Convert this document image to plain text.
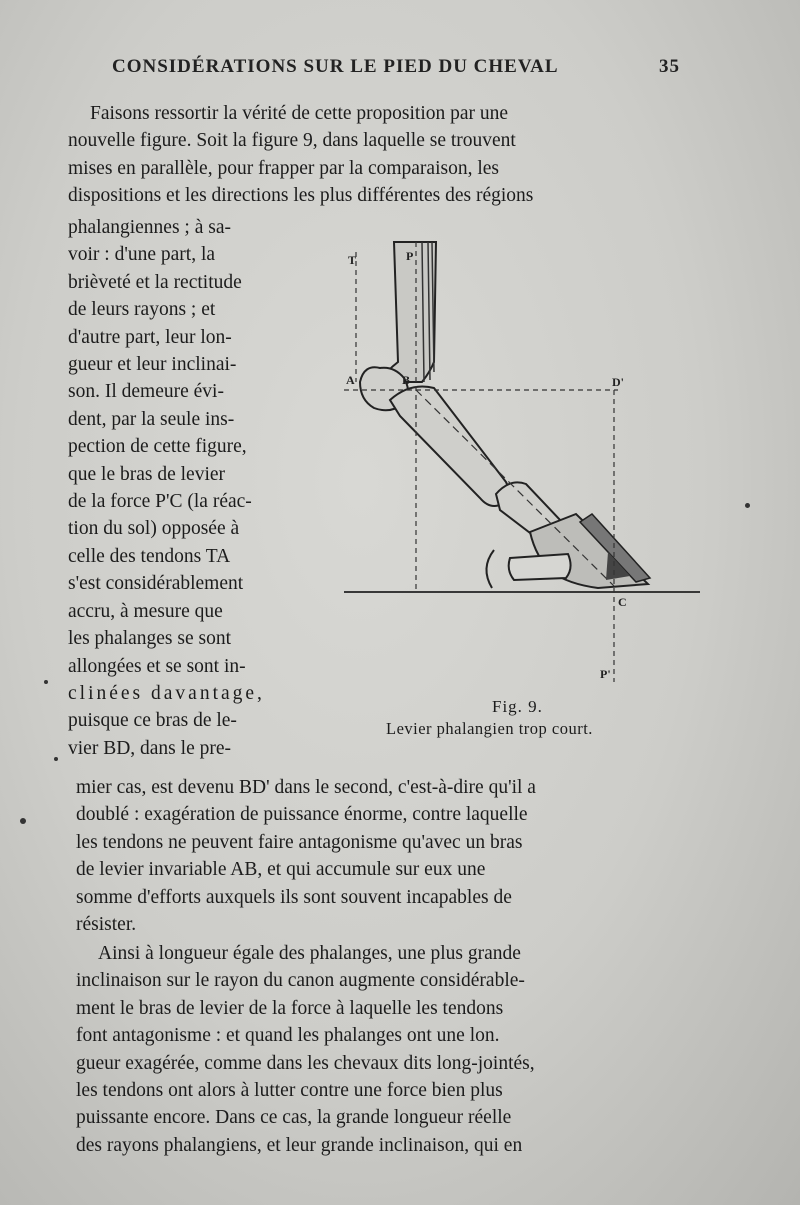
CONSIDÉRATIONS SUR LE PIED DU CHEVAL	35

Faisons ressortir la vérité de cette proposition par une
nouvelle figure. Soit la figure 9, dans laquelle se trouvent
mises en parallèle, pour frapper par la comparaison, les
dispositions et les directions les plus différentes des régions

phalangiennes ; à sa-
voir : d'une part, la
brièveté et la rectitude
de leurs rayons ; et
d'autre part, leur lon-
gueur et leur inclinai-
son. Il demeure évi-
dent, par la seule ins-
pection de cette figure,
que le bras de levier
de la force P'C (la réac-
tion du sol) opposée à
celle des tendons TA
s'est considérablement
accru, à mesure que
les phalanges se sont
allongées et se sont in-
clinées davantage,
puisque ce bras de le-
vier BD, dans le pre-

T	P
A	B	D'
C
P'
Fig. 9.
Levier phalangien trop court.

mier cas, est devenu BD' dans le second, c'est-à-dire qu'il a
doublé : exagération de puissance énorme, contre laquelle
les tendons ne peuvent faire antagonisme qu'avec un bras
de levier invariable AB, et qui accumule sur eux une
somme d'efforts auxquels ils sont souvent incapables de
résister.

Ainsi à longueur égale des phalanges, une plus grande
inclinaison sur le rayon du canon augmente considérable-
ment le bras de levier de la force à laquelle les tendons
font antagonisme : et quand les phalanges ont une lon.
gueur exagérée, comme dans les chevaux dits long-jointés,
les tendons ont alors à lutter contre une force bien plus
puissante encore. Dans ce cas, la grande longueur réelle
des rayons phalangiens, et leur grande inclinaison, qui en
